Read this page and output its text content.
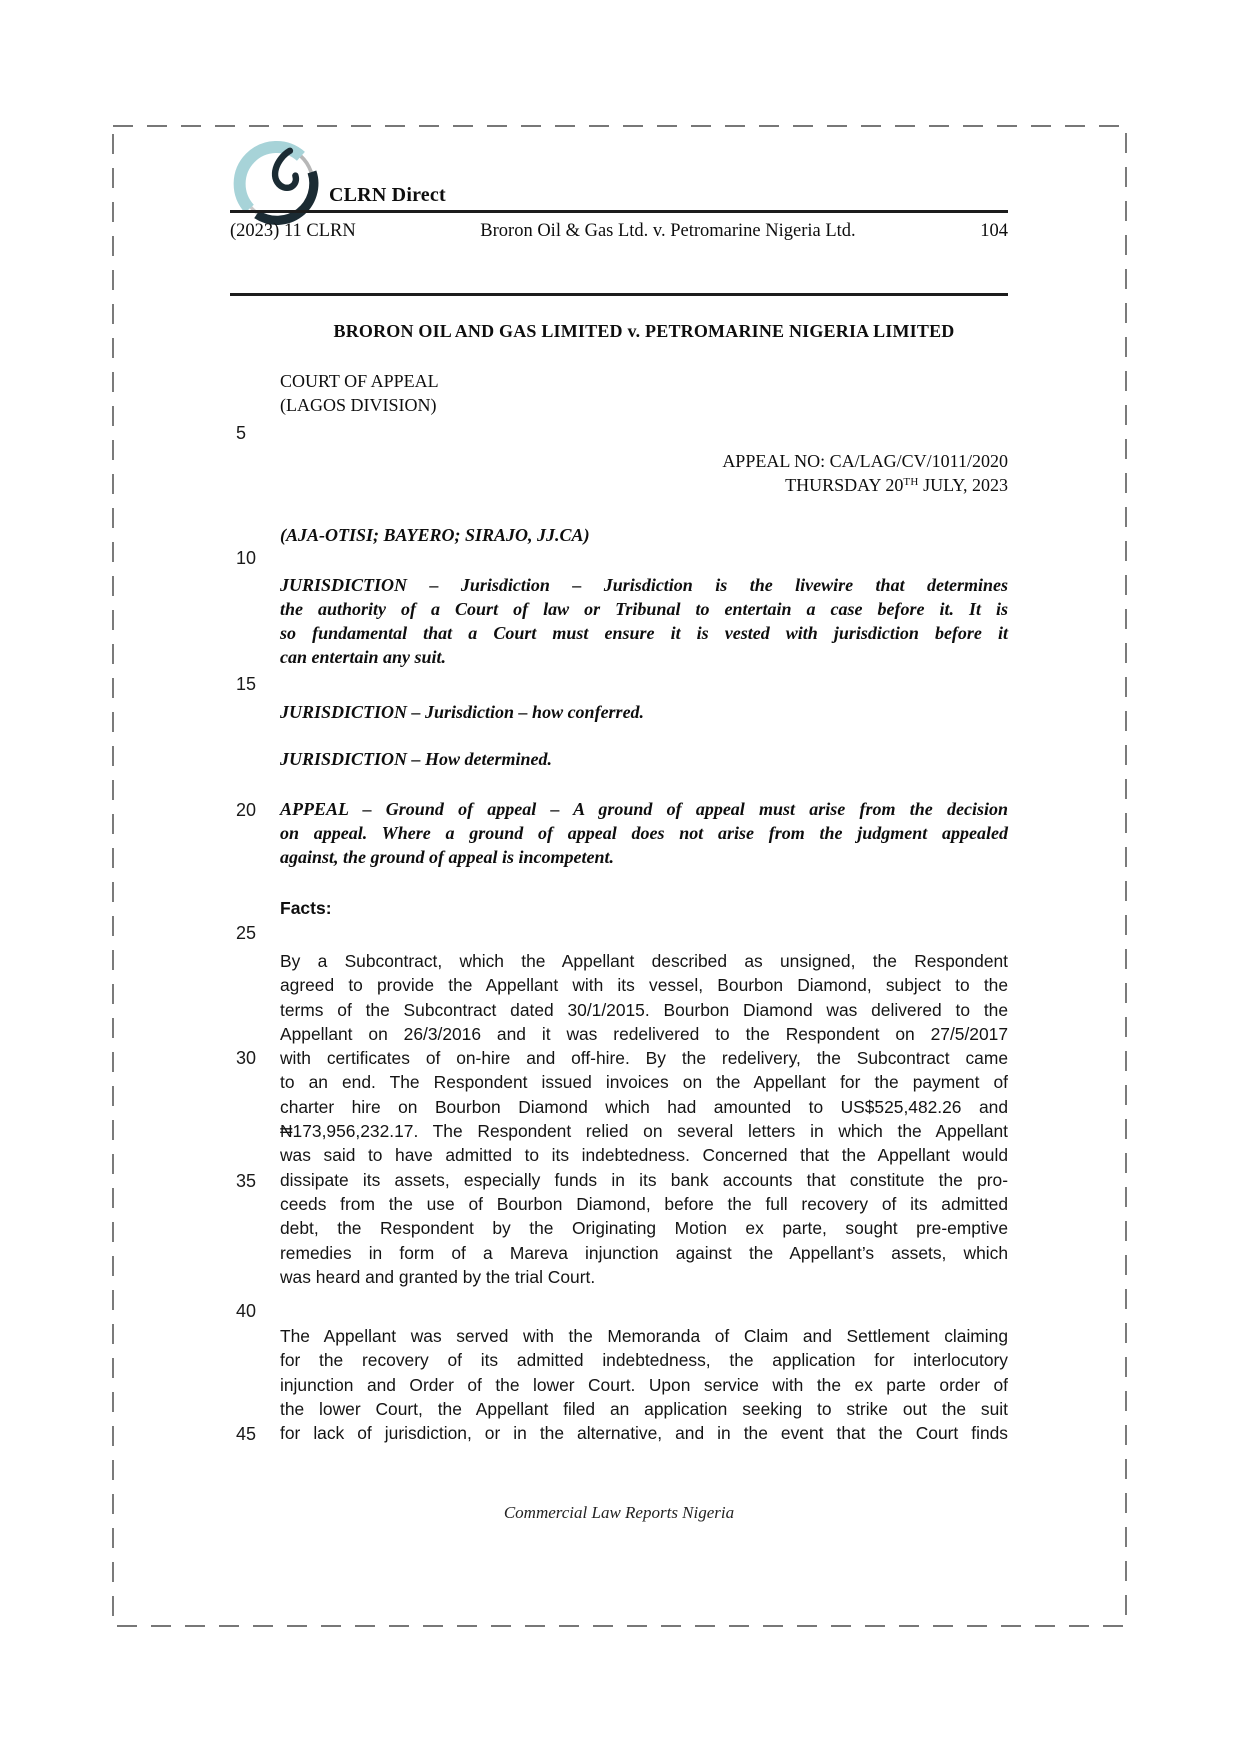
CLRN Direct
(2023) 11 CLRN	Broron Oil & Gas Ltd. v. Petromarine Nigeria Ltd.	104
BRORON OIL AND GAS LIMITED v. PETROMARINE NIGERIA LIMITED
COURT OF APPEAL
(LAGOS DIVISION)
APPEAL NO: CA/LAG/CV/1011/2020
THURSDAY 20TH JULY, 2023
(AJA-OTISI; BAYERO; SIRAJO, JJ.CA)
JURISDICTION – Jurisdiction – Jurisdiction is the livewire that determines
the authority of a Court of law or Tribunal to entertain a case before it. It is
so fundamental that a Court must ensure it is vested with jurisdiction before it
can entertain any suit.
JURISDICTION – Jurisdiction – how conferred.
JURISDICTION – How determined.
APPEAL – Ground of appeal – A ground of appeal must arise from the decision
on appeal. Where a ground of appeal does not arise from the judgment appealed
against, the ground of appeal is incompetent.
Facts:
By a Subcontract, which the Appellant described as unsigned, the Respondent
agreed to provide the Appellant with its vessel, Bourbon Diamond, subject to the
terms of the Subcontract dated 30/1/2015. Bourbon Diamond was delivered to the
Appellant on 26/3/2016 and it was redelivered to the Respondent on 27/5/2017
with certificates of on-hire and off-hire. By the redelivery, the Subcontract came
to an end. The Respondent issued invoices on the Appellant for the payment of
charter hire on Bourbon Diamond which had amounted to US$525,482.26 and
₦173,956,232.17. The Respondent relied on several letters in which the Appellant
was said to have admitted to its indebtedness. Concerned that the Appellant would
dissipate its assets, especially funds in its bank accounts that constitute the pro-
ceeds from the use of Bourbon Diamond, before the full recovery of its admitted
debt, the Respondent by the Originating Motion ex parte, sought pre-emptive
remedies in form of a Mareva injunction against the Appellant’s assets, which
was heard and granted by the trial Court.
The Appellant was served with the Memoranda of Claim and Settlement claiming
for the recovery of its admitted indebtedness, the application for interlocutory
injunction and Order of the lower Court. Upon service with the ex parte order of
the lower Court, the Appellant filed an application seeking to strike out the suit
for lack of jurisdiction, or in the alternative, and in the event that the Court finds
5
10
15
20
25
30
35
40
45
Commercial Law Reports Nigeria
